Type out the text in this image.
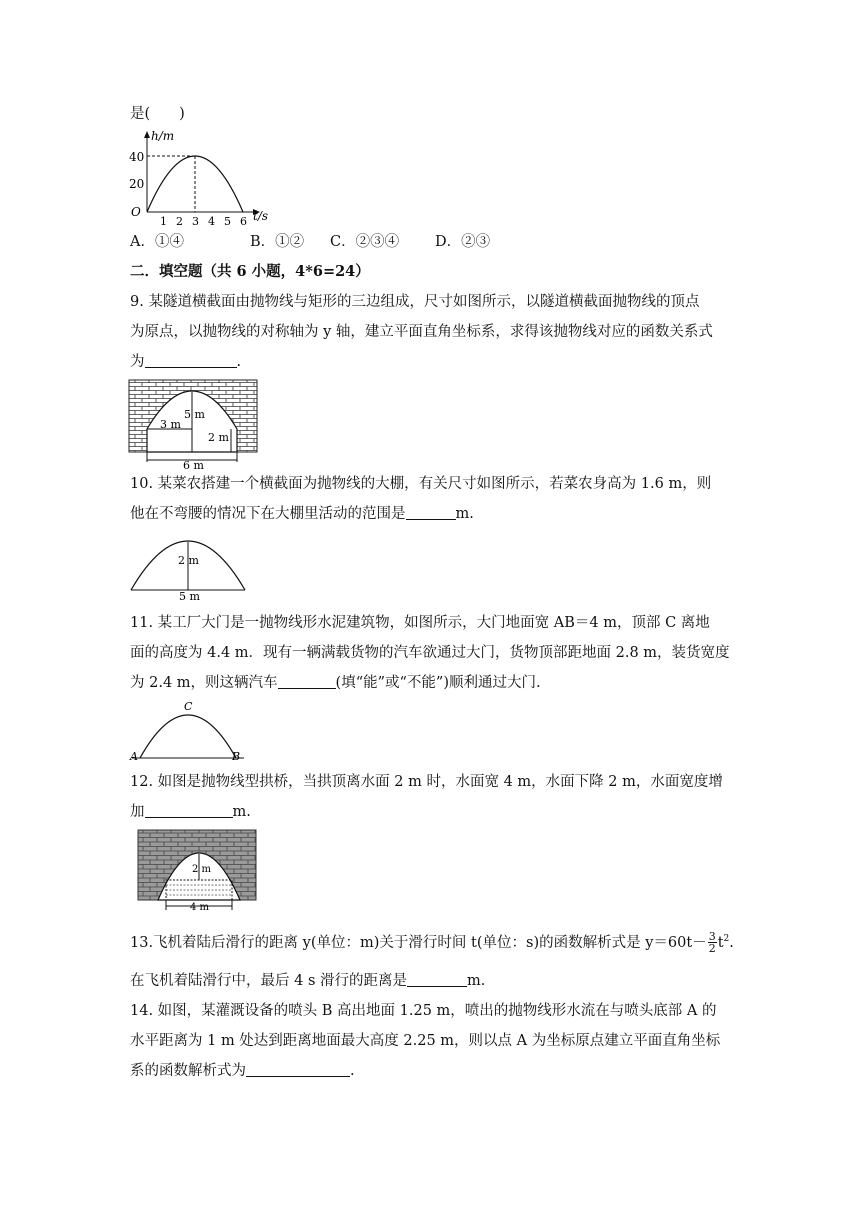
是(　　)
h/m
t/s
O
40
20
1 2 3 4 5 6
A．①④	B．①② C．②③④ D．②③
二．填空题（共 6 小题，4*6=24）
9. 某隧道横截面由抛物线与矩形的三边组成，尺寸如图所示，以隧道横截面抛物线的顶点
为原点，以抛物线的对称轴为 y 轴，建立平面直角坐标系，求得该抛物线对应的函数关系式
为	.
5 m
3 m
2 m
6 m
10. 某菜农搭建一个横截面为抛物线的大棚，有关尺寸如图所示，若菜农身高为 1.6 m，则
他在不弯腰的情况下在大棚里活动的范围是	m.
2 m
5 m
11. 某工厂大门是一抛物线形水泥建筑物，如图所示，大门地面宽 AB＝4 m，顶部 C 离地
面的高度为 4.4 m．现有一辆满载货物的汽车欲通过大门，货物顶部距地面 2.8 m，装货宽度
为 2.4 m，则这辆汽车	(填“能”或“不能”)顺利通过大门.
C
A	B
12. 如图是抛物线型拱桥，当拱顶离水面 2 m 时，水面宽 4 m，水面下降 2 m，水面宽度增
加	m.
2 m
4 m
13.飞机着陆后滑行的距离 y(单位：m)关于滑行时间 t(单位：s)的函数解析式是 $y=60t- \frac{3}{2} t^2$.
在飞机着陆滑行中，最后 4 s 滑行的距离是	m.
14. 如图，某灌溉设备的喷头 B 高出地面 1.25 m，喷出的抛物线形水流在与喷头底部 A 的
水平距离为 1 m 处达到距离地面最大高度 2.25 m，则以点 A 为坐标原点建立平面直角坐标
系的函数解析式为	.
